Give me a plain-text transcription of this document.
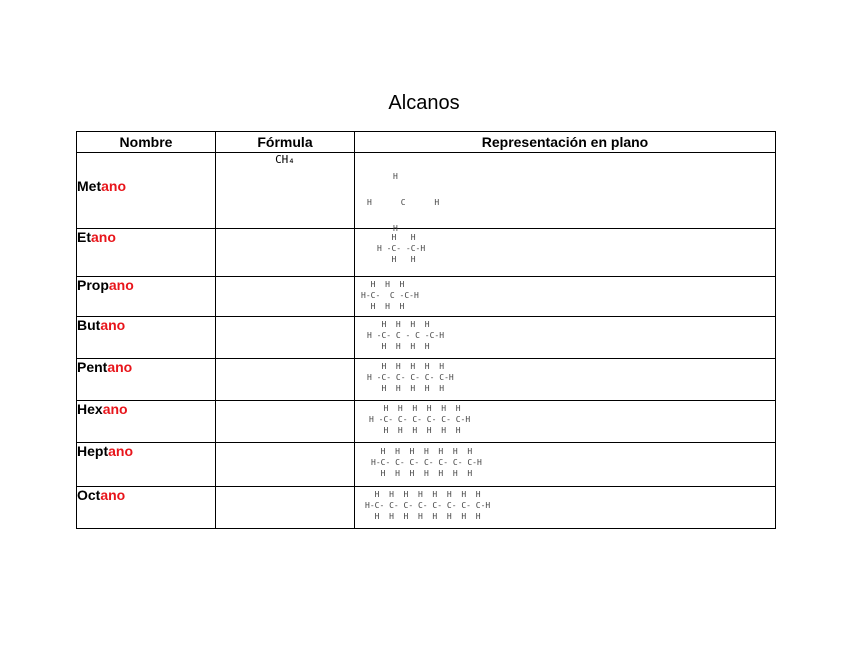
Alcanos
Nombre	Fórmula	Representación en plano
Metano	CH₄	H

H      C      H

H

Etano		H   H
H -C- -C-H
H   H

Propano		H  H  H
H-C-  C -C-H
H  H  H

Butano		H  H  H  H
H -C- C - C -C-H
H  H  H  H

Pentano		H  H  H  H  H
H -C- C- C- C- C-H
H  H  H  H  H

Hexano		H  H  H  H  H  H
H -C- C- C- C- C- C-H
H  H  H  H  H  H

Heptano		H  H  H  H  H  H  H
H-C- C- C- C- C- C- C-H
H  H  H  H  H  H  H

Octano		H  H  H  H  H  H  H  H
H-C- C- C- C- C- C- C- C-H
H  H  H  H  H  H  H  H
